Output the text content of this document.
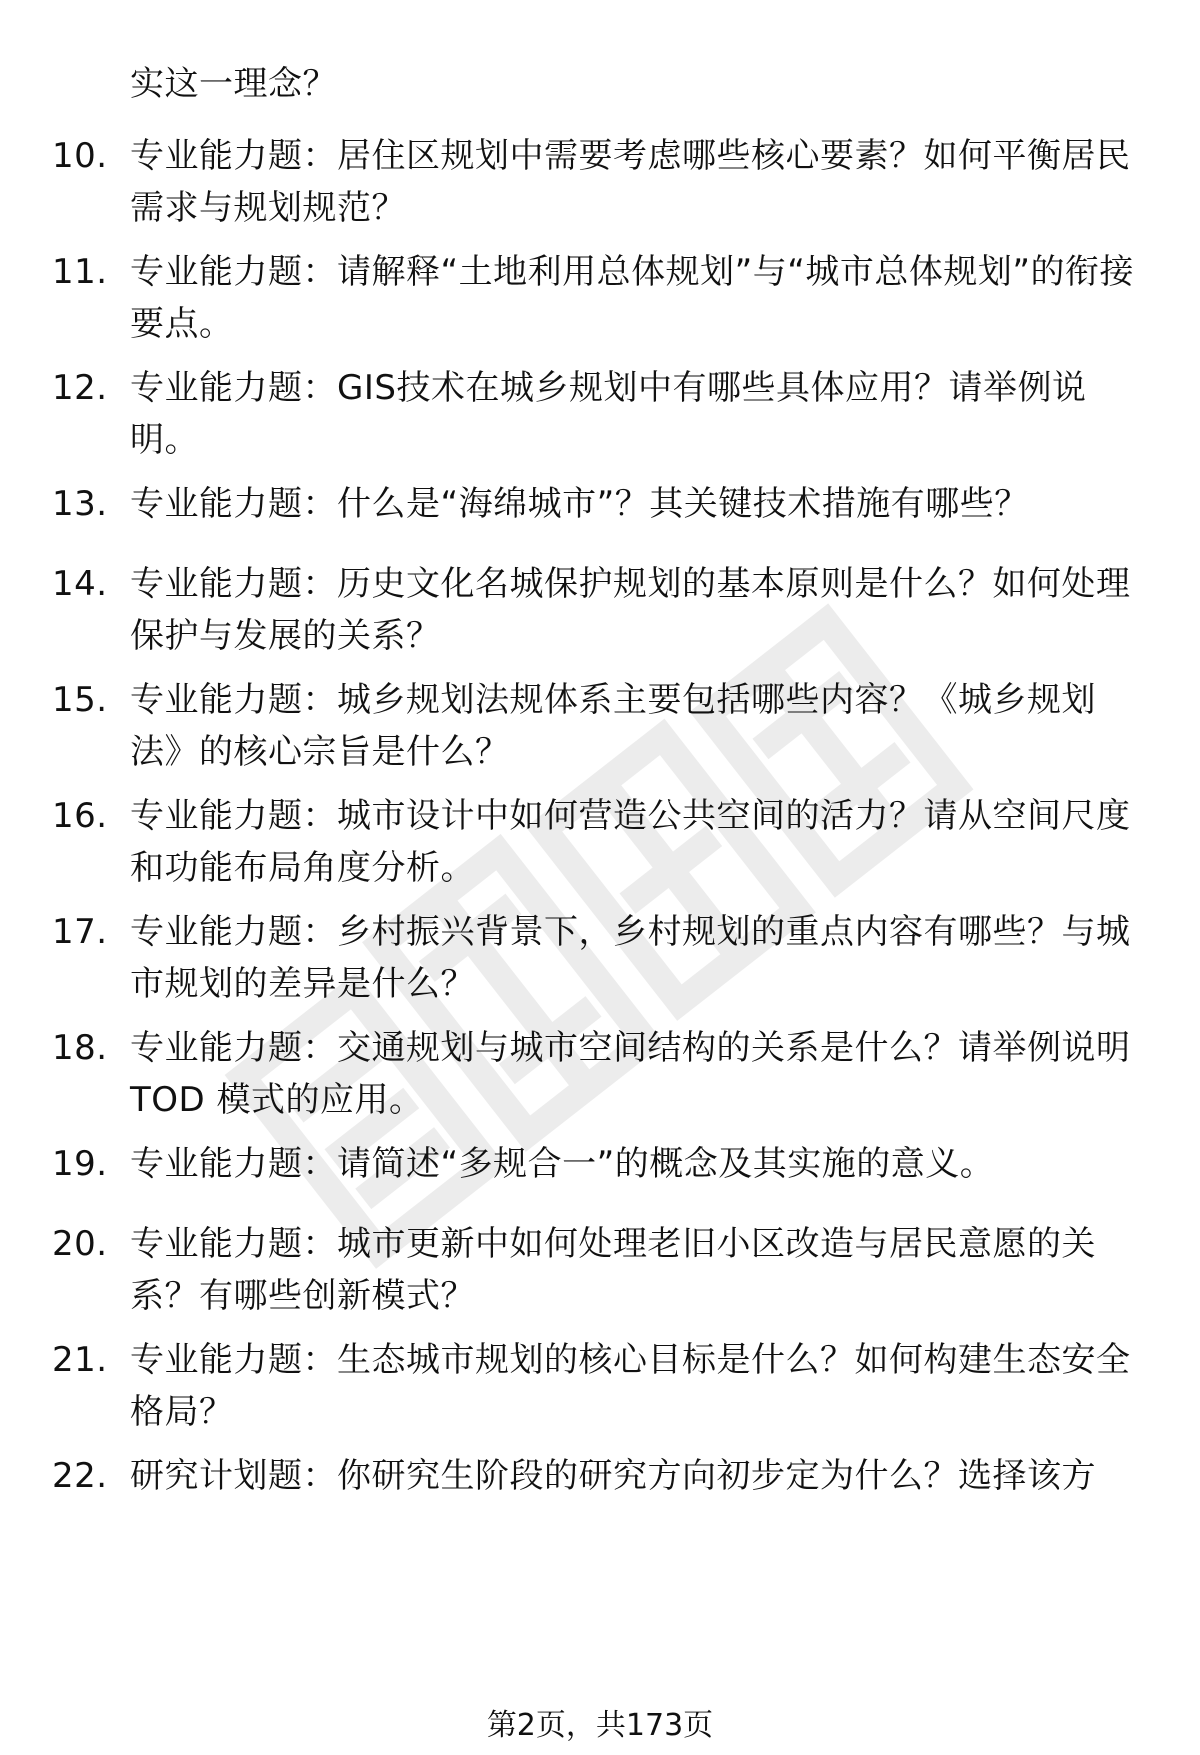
实这一理念？
10. 专业能力题：居住区规划中需要考虑哪些核心要素？如何平衡居民需求与规划规范？
11. 专业能力题：请解释“土地利用总体规划”与“城市总体规划”的衔接要点。
12. 专业能力题：GIS技术在城乡规划中有哪些具体应用？请举例说明。
13. 专业能力题：什么是“海绵城市”？其关键技术措施有哪些？
14. 专业能力题：历史文化名城保护规划的基本原则是什么？如何处理保护与发展的关系？
15. 专业能力题：城乡规划法规体系主要包括哪些内容？《城乡规划法》的核心宗旨是什么？
16. 专业能力题：城市设计中如何营造公共空间的活力？请从空间尺度和功能布局角度分析。
17. 专业能力题：乡村振兴背景下，乡村规划的重点内容有哪些？与城市规划的差异是什么？
18. 专业能力题：交通规划与城市空间结构的关系是什么？请举例说明 TOD 模式的应用。
19. 专业能力题：请简述“多规合一”的概念及其实施的意义。
20. 专业能力题：城市更新中如何处理老旧小区改造与居民意愿的关系？有哪些创新模式？
21. 专业能力题：生态城市规划的核心目标是什么？如何构建生态安全格局？
22. 研究计划题：你研究生阶段的研究方向初步定为什么？选择该方
第2页，共173页
